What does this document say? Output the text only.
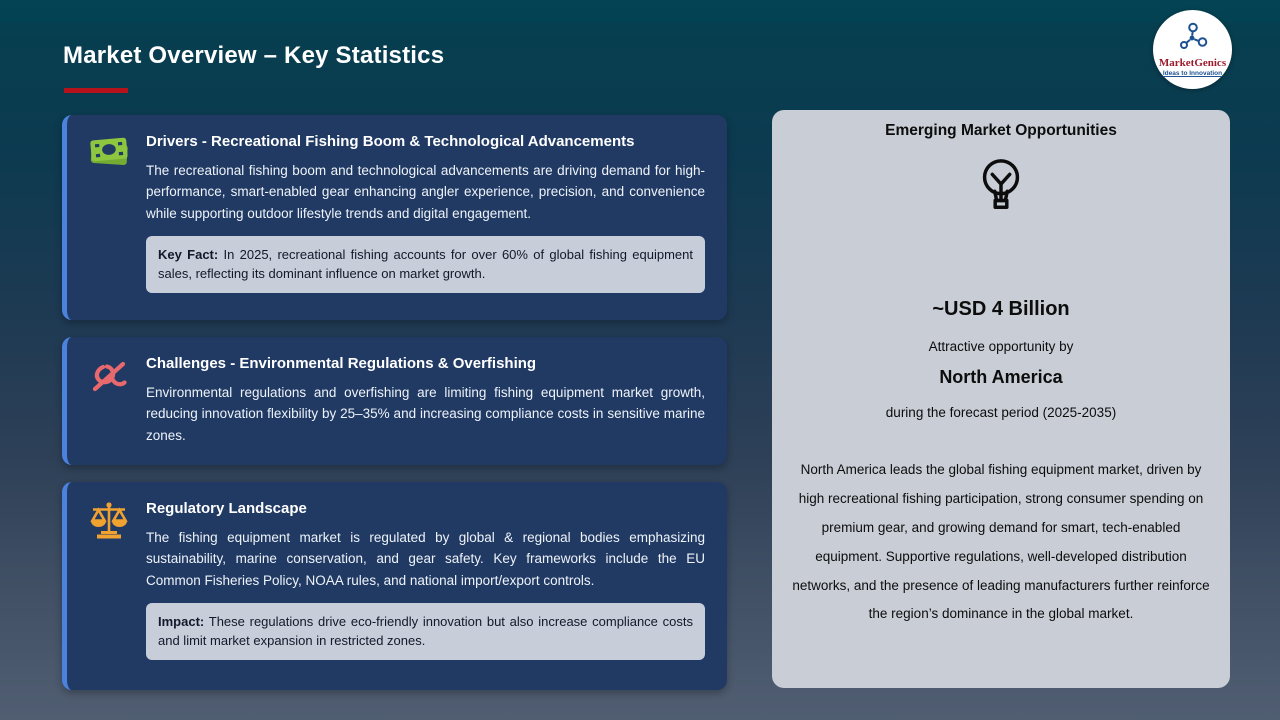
Market Overview – Key Statistics	MarketGenics
Ideas to Innovation
Drivers - Recreational Fishing Boom & Technological Advancements
The recreational fishing boom and technological advancements are driving demand for high-performance, smart-enabled gear enhancing angler experience, precision, and convenience while supporting outdoor lifestyle trends and digital engagement.
Key Fact: In 2025, recreational fishing accounts for over 60% of global fishing equipment sales, reflecting its dominant influence on market growth.
Challenges - Environmental Regulations & Overfishing
Environmental regulations and overfishing are limiting fishing equipment market growth, reducing innovation flexibility by 25–35% and increasing compliance costs in sensitive marine zones.
Regulatory Landscape
The fishing equipment market is regulated by global & regional bodies emphasizing sustainability, marine conservation, and gear safety. Key frameworks include the EU Common Fisheries Policy, NOAA rules, and national import/export controls.
Impact: These regulations drive eco-friendly innovation but also increase compliance costs and limit market expansion in restricted zones.
Emerging Market Opportunities
~USD 4 Billion
Attractive opportunity by
North America
during the forecast period (2025-2035)
North America leads the global fishing equipment market, driven by high recreational fishing participation, strong consumer spending on premium gear, and growing demand for smart, tech-enabled equipment. Supportive regulations, well-developed distribution networks, and the presence of leading manufacturers further reinforce the region’s dominance in the global market.
